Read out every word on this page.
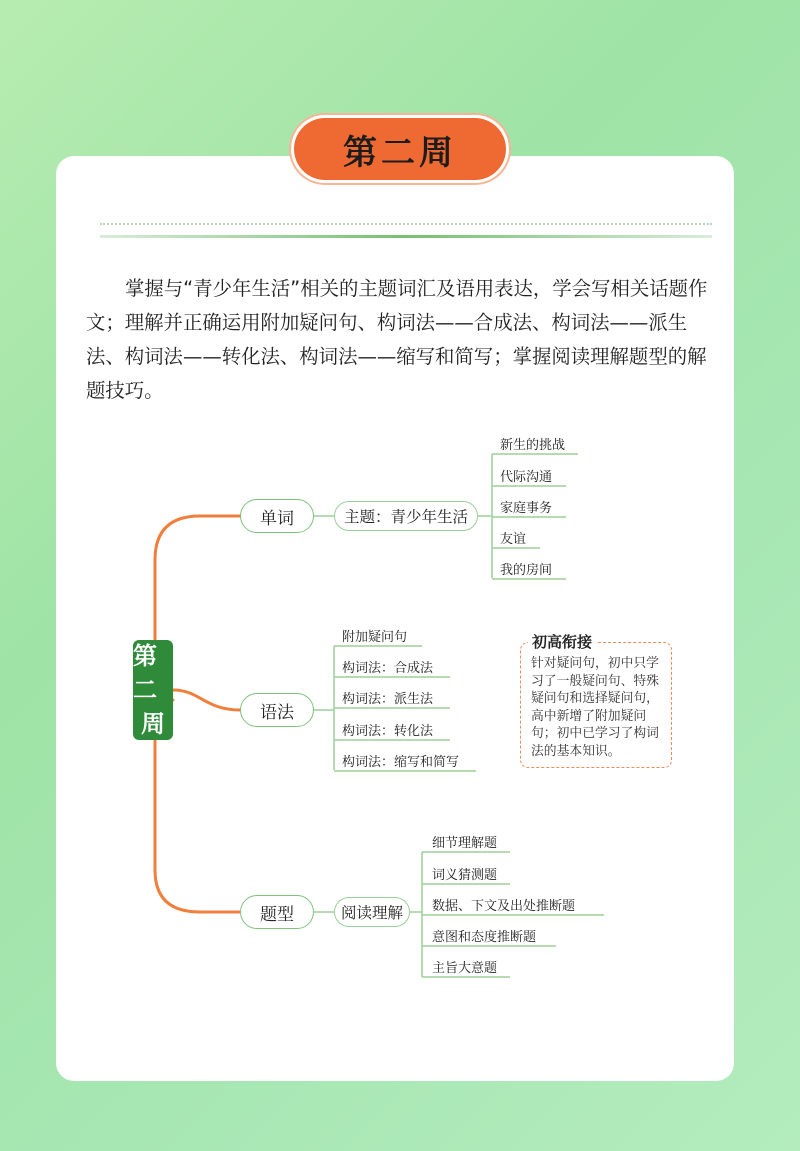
第二周

掌握与“青少年生活”相关的主题词汇及语用表达，学会写相关话题作文；理解并正确运用附加疑问句、构词法——合成法、构词法——派生法、构词法——转化法、构词法——缩写和简写；掌握阅读理解题型的解题技巧。

第二
周
单词	主题：青少年生活
新生的挑战
代际沟通
家庭事务
友谊
我的房间
语法
附加疑问句
构词法：合成法
构词法：派生法
构词法：转化法
构词法：缩写和简写
题型	阅读理解
细节理解题
词义猜测题
数据、下文及出处推断题
意图和态度推断题
主旨大意题
针对疑问句，初中只学习了一般疑问句、特殊疑问句和选择疑问句，高中新增了附加疑问句；初中已学习了构词法的基本知识。
初高衔接
